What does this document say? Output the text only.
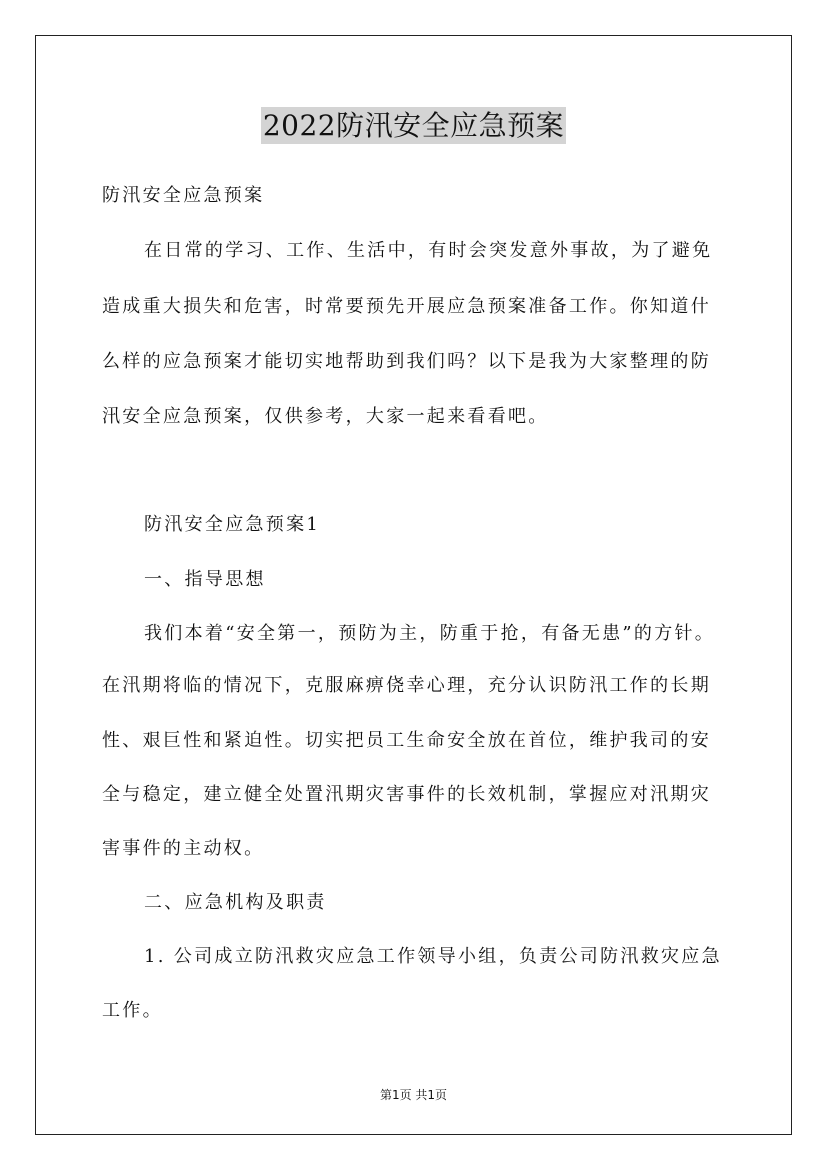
2022防汛安全应急预案
防汛安全应急预案
在日常的学习、工作、生活中，有时会突发意外事故，为了避免
造成重大损失和危害，时常要预先开展应急预案准备工作。你知道什
么样的应急预案才能切实地帮助到我们吗？以下是我为大家整理的防
汛安全应急预案，仅供参考，大家一起来看看吧。
防汛安全应急预案1
一、指导思想
我们本着“安全第一，预防为主，防重于抢，有备无患”的方针。
在汛期将临的情况下，克服麻痹侥幸心理，充分认识防汛工作的长期
性、艰巨性和紧迫性。切实把员工生命安全放在首位，维护我司的安
全与稳定，建立健全处置汛期灾害事件的长效机制，掌握应对汛期灾
害事件的主动权。
二、应急机构及职责
1. 公司成立防汛救灾应急工作领导小组，负责公司防汛救灾应急
工作。
第1页 共1页
